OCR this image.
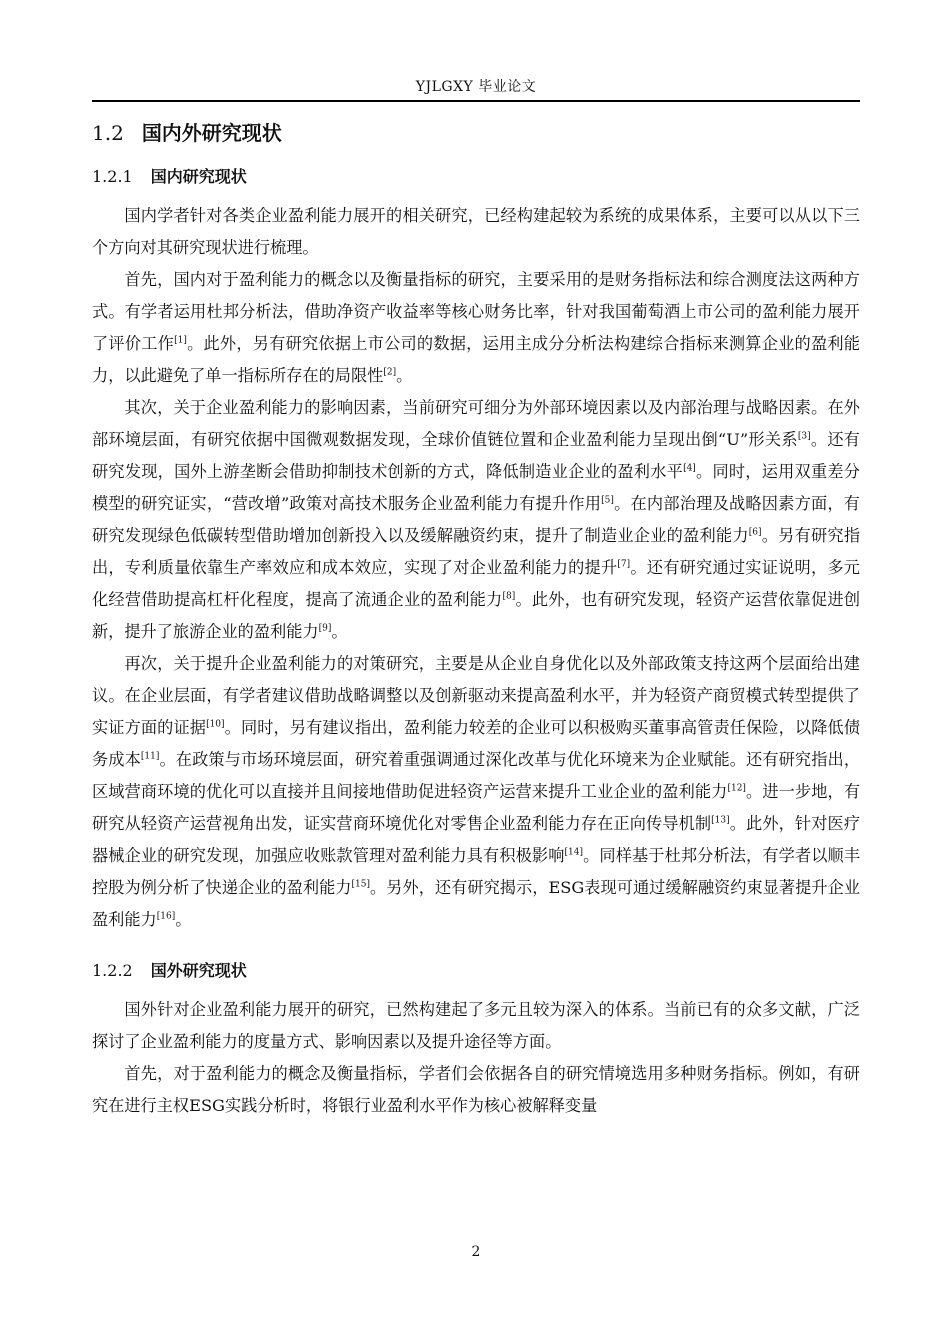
YJLGXY 毕业论文
1.2 国内外研究现状
1.2.1 国内研究现状

国内学者针对各类企业盈利能力展开的相关研究，已经构建起较为系统的成果体系，主要可以从以下三个方向对其研究现状进行梳理。

首先，国内对于盈利能力的概念以及衡量指标的研究，主要采用的是财务指标法和综合测度法这两种方式。有学者运用杜邦分析法，借助净资产收益率等核心财务比率，针对我国葡萄酒上市公司的盈利能力展开了评价工作[1]。此外，另有研究依据上市公司的数据，运用主成分分析法构建综合指标来测算企业的盈利能力，以此避免了单一指标所存在的局限性[2]。

其次，关于企业盈利能力的影响因素，当前研究可细分为外部环境因素以及内部治理与战略因素。在外部环境层面，有研究依据中国微观数据发现，全球价值链位置和企业盈利能力呈现出倒“U”形关系[3]。还有研究发现，国外上游垄断会借助抑制技术创新的方式，降低制造业企业的盈利水平[4]。同时，运用双重差分模型的研究证实，“营改增”政策对高技术服务企业盈利能力有提升作用[5]。在内部治理及战略因素方面，有研究发现绿色低碳转型借助增加创新投入以及缓解融资约束，提升了制造业企业的盈利能力[6]。另有研究指出，专利质量依靠生产率效应和成本效应，实现了对企业盈利能力的提升[7]。还有研究通过实证说明，多元化经营借助提高杠杆化程度，提高了流通企业的盈利能力[8]。此外，也有研究发现，轻资产运营依靠促进创新，提升了旅游企业的盈利能力[9]。

再次，关于提升企业盈利能力的对策研究，主要是从企业自身优化以及外部政策支持这两个层面给出建议。在企业层面，有学者建议借助战略调整以及创新驱动来提高盈利水平，并为轻资产商贸模式转型提供了实证方面的证据[10]。同时，另有建议指出，盈利能力较差的企业可以积极购买董事高管责任保险，以降低债务成本[11]。在政策与市场环境层面，研究着重强调通过深化改革与优化环境来为企业赋能。还有研究指出，区域营商环境的优化可以直接并且间接地借助促进轻资产运营来提升工业企业的盈利能力[12]。进一步地，有研究从轻资产运营视角出发，证实营商环境优化对零售企业盈利能力存在正向传导机制[13]。此外，针对医疗器械企业的研究发现，加强应收账款管理对盈利能力具有积极影响[14]。同样基于杜邦分析法，有学者以顺丰控股为例分析了快递企业的盈利能力[15]。另外，还有研究揭示，ESG表现可通过缓解融资约束显著提升企业盈利能力[16]。

1.2.2 国外研究现状

国外针对企业盈利能力展开的研究，已然构建起了多元且较为深入的体系。当前已有的众多文献，广泛探讨了企业盈利能力的度量方式、影响因素以及提升途径等方面。

首先，对于盈利能力的概念及衡量指标，学者们会依据各自的研究情境选用多种财务指标。例如，有研究在进行主权ESG实践分析时，将银行业盈利水平作为核心被解释变量

2
